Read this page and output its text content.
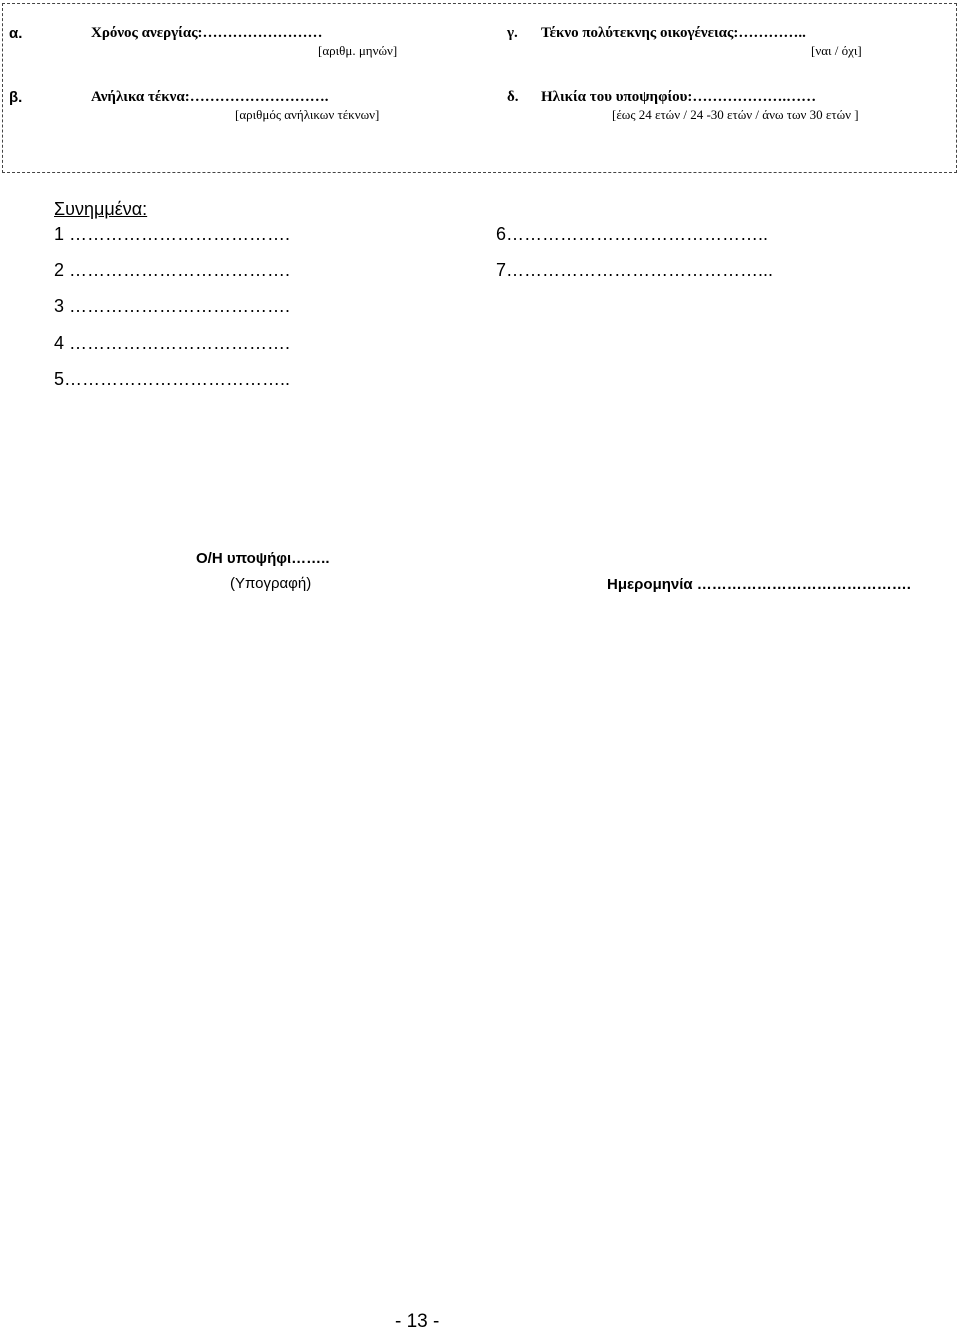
α.	Χρόνος ανεργίας:……………………
[αριθμ. μηνών]
γ. Τέκνο πολύτεκνης οικογένειας:…………..
[ναι / όχι]
β.	Ανήλικα τέκνα:……………………….
[αριθμός ανήλικων τέκνων]
δ. Ηλικία του υποψηφίου:……………….……
[έως 24 ετών / 24 -30 ετών / άνω των 30 ετών ]
Συνημμένα:
1 ……………………………….
2 ……………………………….
3 ……………………………….
4 ……………………………….
5………………………………..
6……………………………………..
7……………………………………...
Ο/Η υποψήφι……..
(Υπογραφή)	Ημερομηνία …………………………………….
- 13 -
